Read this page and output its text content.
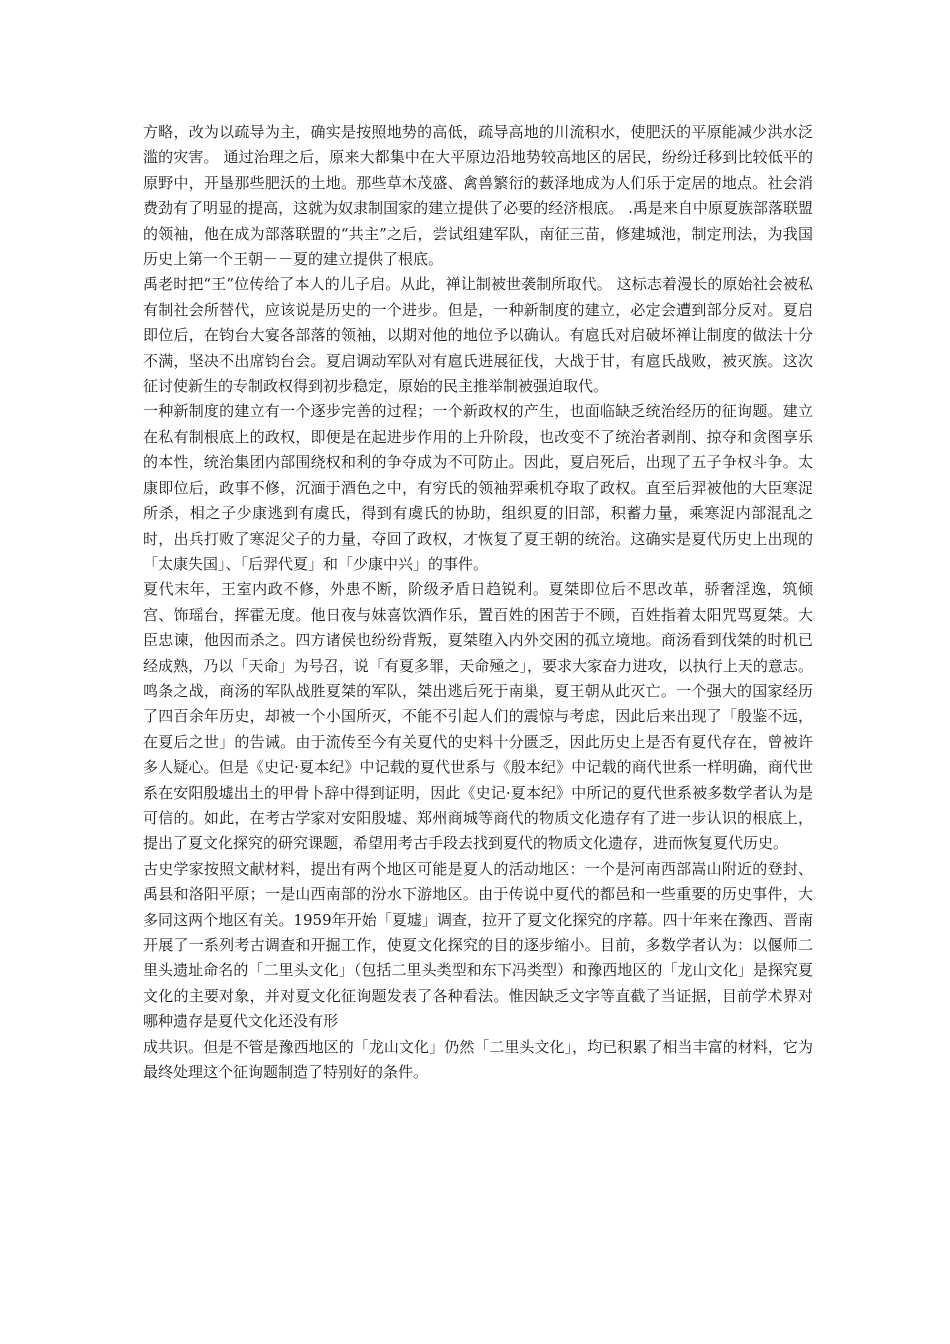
方略，改为以疏导为主，确实是按照地势的高低，疏导高地的川流积水，使肥沃的平原能减少洪水泛滥的灾害。 通过治理之后，原来大都集中在大平原边沿地势较高地区的居民，纷纷迁移到比较低平的原野中，开垦那些肥沃的土地。那些草木茂盛、禽兽繁衍的薮泽地成为人们乐于定居的地点。社会消费劲有了明显的提高，这就为奴隶制国家的建立提供了必要的经济根底。 .禹是来自中原夏族部落联盟的领袖，他在成为部落联盟的“共主”之后，尝试组建军队，南征三苗，修建城池，制定刑法，为我国历史上第一个王朝－－夏的建立提供了根底。

禹老时把“王”位传给了本人的儿子启。从此，禅让制被世袭制所取代。 这标志着漫长的原始社会被私有制社会所替代，应该说是历史的一个进步。但是，一种新制度的建立，必定会遭到部分反对。夏启即位后，在钧台大宴各部落的领袖，以期对他的地位予以确认。有扈氏对启破坏禅让制度的做法十分不满，坚决不出席钧台会。夏启调动军队对有扈氏进展征伐，大战于甘，有扈氏战败，被灭族。这次征讨使新生的专制政权得到初步稳定，原始的民主推举制被强迫取代。

一种新制度的建立有一个逐步完善的过程；一个新政权的产生，也面临缺乏统治经历的征询题。建立在私有制根底上的政权，即便是在起进步作用的上升阶段，也改变不了统治者剥削、掠夺和贪图享乐的本性，统治集团内部围绕权和利的争夺成为不可防止。因此，夏启死后，出现了五子争权斗争。太康即位后，政事不修，沉湎于酒色之中，有穷氏的领袖羿乘机夺取了政权。直至后羿被他的大臣寒浞所杀，相之子少康逃到有虞氏，得到有虞氏的协助，组织夏的旧部，积蓄力量，乘寒浞内部混乱之时，出兵打败了寒浞父子的力量，夺回了政权，才恢复了夏王朝的统治。这确实是夏代历史上出现的「太康失国」、「后羿代夏」和「少康中兴」的事件。

夏代末年，王室内政不修，外患不断，阶级矛盾日趋锐利。夏桀即位后不思改革，骄奢淫逸，筑倾宫、饰瑶台，挥霍无度。他日夜与妹喜饮酒作乐，置百姓的困苦于不顾，百姓指着太阳咒骂夏桀。大臣忠谏，他因而杀之。四方诸侯也纷纷背叛，夏桀堕入内外交困的孤立境地。商汤看到伐桀的时机已经成熟，乃以「天命」为号召，说「有夏多罪，天命殛之」，要求大家奋力进攻，以执行上天的意志。鸣条之战，商汤的军队战胜夏桀的军队，桀出逃后死于南巢，夏王朝从此灭亡。一个强大的国家经历了四百余年历史，却被一个小国所灭，不能不引起人们的震惊与考虑，因此后来出现了「殷鉴不远，在夏后之世」的告诫。由于流传至今有关夏代的史料十分匮乏，因此历史上是否有夏代存在，曾被许多人疑心。但是《史记·夏本纪》中记载的夏代世系与《殷本纪》中记载的商代世系一样明确，商代世系在安阳殷墟出土的甲骨卜辞中得到证明，因此《史记·夏本纪》中所记的夏代世系被多数学者认为是可信的。如此，在考古学家对安阳殷墟、郑州商城等商代的物质文化遗存有了进一步认识的根底上，提出了夏文化探究的研究课题，希望用考古手段去找到夏代的物质文化遗存，进而恢复夏代历史。

古史学家按照文献材料，提出有两个地区可能是夏人的活动地区：一个是河南西部嵩山附近的登封、禹县和洛阳平原；一是山西南部的汾水下游地区。由于传说中夏代的都邑和一些重要的历史事件，大多同这两个地区有关。1959年开始「夏墟」调查，拉开了夏文化探究的序幕。四十年来在豫西、晋南开展了一系列考古调查和开掘工作，使夏文化探究的目的逐步缩小。目前，多数学者认为：以偃师二里头遗址命名的「二里头文化」（包括二里头类型和东下冯类型）和豫西地区的「龙山文化」是探究夏文化的主要对象，并对夏文化征询题发表了各种看法。惟因缺乏文字等直截了当证据，目前学术界对哪种遗存是夏代文化还没有形

成共识。但是不管是豫西地区的「龙山文化」仍然「二里头文化」，均已积累了相当丰富的材料，它为最终处理这个征询题制造了特别好的条件。
